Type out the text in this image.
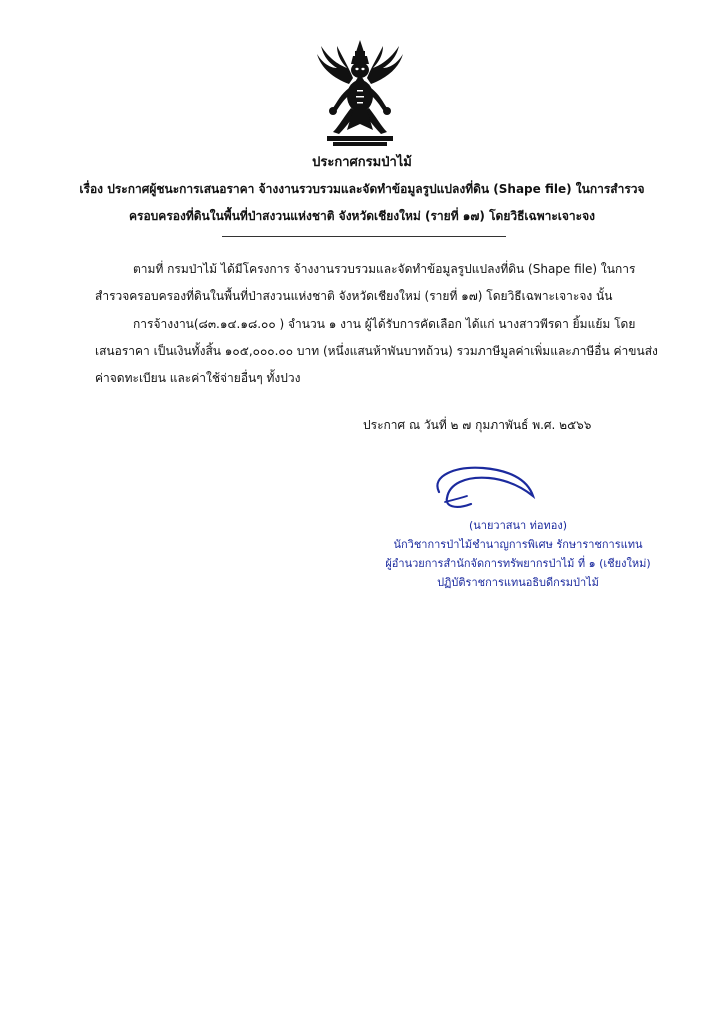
ประกาศกรมป่าไม้
เรื่อง ประกาศผู้ชนะการเสนอราคา จ้างงานรวบรวมและจัดทำข้อมูลรูปแปลงที่ดิน (Shape file) ในการสำรวจ
ครอบครองที่ดินในพื้นที่ป่าสงวนแห่งชาติ จังหวัดเชียงใหม่ (รายที่ ๑๗) โดยวิธีเฉพาะเจาะจง
ตามที่ กรมป่าไม้ ได้มีโครงการ จ้างงานรวบรวมและจัดทำข้อมูลรูปแปลงที่ดิน (Shape file) ในการ
สำรวจครอบครองที่ดินในพื้นที่ป่าสงวนแห่งชาติ จังหวัดเชียงใหม่ (รายที่ ๑๗) โดยวิธีเฉพาะเจาะจง นั้น
การจ้างงาน(๘๓.๑๔.๑๘.๐๐ ) จำนวน ๑ งาน ผู้ได้รับการคัดเลือก ได้แก่ นางสาวพีรดา ยิ้มแย้ม โดย
เสนอราคา เป็นเงินทั้งสิ้น ๑๐๕,๐๐๐.๐๐ บาท (หนึ่งแสนห้าพันบาทถ้วน) รวมภาษีมูลค่าเพิ่มและภาษีอื่น ค่าขนส่ง
ค่าจดทะเบียน และค่าใช้จ่ายอื่นๆ ทั้งปวง
ประกาศ ณ วันที่ ๒ ๗ กุมภาพันธ์ พ.ศ. ๒๕๖๖
(นายวาสนา ท่อทอง)
นักวิชาการป่าไม้ชำนาญการพิเศษ รักษาราชการแทน
ผู้อำนวยการสำนักจัดการทรัพยากรป่าไม้ ที่ ๑ (เชียงใหม่)
ปฏิบัติราชการแทนอธิบดีกรมป่าไม้
